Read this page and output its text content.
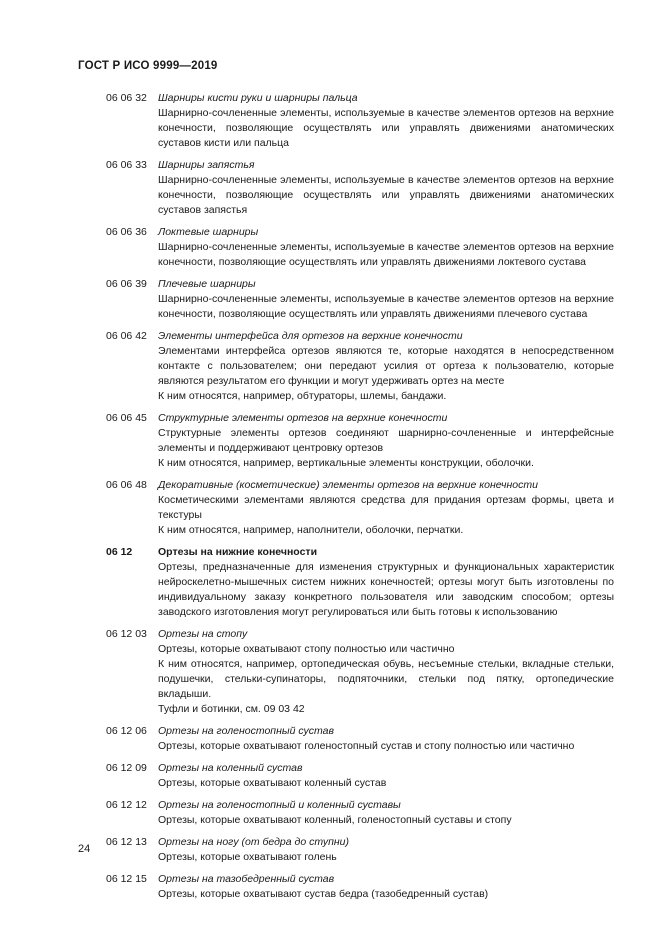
ГОСТ Р ИСО 9999—2019
06 06 32 Шарниры кисти руки и шарниры пальца
Шарнирно-сочлененные элементы, используемые в качестве элементов ортезов на верхние конечности, позволяющие осуществлять или управлять движениями анатомических суставов кисти или пальца
06 06 33 Шарниры запястья
Шарнирно-сочлененные элементы, используемые в качестве элементов ортезов на верхние конечности, позволяющие осуществлять или управлять движениями анатомических суставов запястья
06 06 36 Локтевые шарниры
Шарнирно-сочлененные элементы, используемые в качестве элементов ортезов на верхние конечности, позволяющие осуществлять или управлять движениями локтевого сустава
06 06 39 Плечевые шарниры
Шарнирно-сочлененные элементы, используемые в качестве элементов ортезов на верхние конечности, позволяющие осуществлять или управлять движениями плечевого сустава
06 06 42 Элементы интерфейса для ортезов на верхние конечности
Элементами интерфейса ортезов являются те, которые находятся в непосредственном контакте с пользователем; они передают усилия от ортеза к пользователю, которые являются результатом его функции и могут удерживать ортез на месте
К ним относятся, например, обтураторы, шлемы, бандажи.
06 06 45 Структурные элементы ортезов на верхние конечности
Структурные элементы ортезов соединяют шарнирно-сочлененные и интерфейсные элементы и поддерживают центровку ортезов
К ним относятся, например, вертикальные элементы конструкции, оболочки.
06 06 48 Декоративные (косметические) элементы ортезов на верхние конечности
Косметическими элементами являются средства для придания ортезам формы, цвета и текстуры
К ним относятся, например, наполнители, оболочки, перчатки.
06 12 Ортезы на нижние конечности
Ортезы, предназначенные для изменения структурных и функциональных характеристик нейроскелетно-мышечных систем нижних конечностей; ортезы могут быть изготовлены по индивидуальному заказу конкретного пользователя или заводским способом; ортезы заводского изготовления могут регулироваться или быть готовы к использованию
06 12 03 Ортезы на стопу
Ортезы, которые охватывают стопу полностью или частично
К ним относятся, например, ортопедическая обувь, несъемные стельки, вкладные стельки, подушечки, стельки-супинаторы, подпяточники, стельки под пятку, ортопедические вкладыши.
Туфли и ботинки, см. 09 03 42
06 12 06 Ортезы на голеностопный сустав
Ортезы, которые охватывают голеностопный сустав и стопу полностью или частично
06 12 09 Ортезы на коленный сустав
Ортезы, которые охватывают коленный сустав
06 12 12 Ортезы на голеностопный и коленный суставы
Ортезы, которые охватывают коленный, голеностопный суставы и стопу
06 12 13 Ортезы на ногу (от бедра до ступни)
Ортезы, которые охватывают голень
06 12 15 Ортезы на тазобедренный сустав
Ортезы, которые охватывают сустав бедра (тазобедренный сустав)
24
